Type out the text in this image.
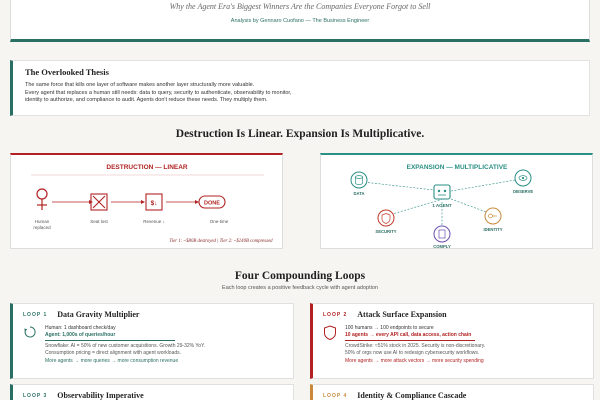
Why the Agent Era's Biggest Winners Are the Companies Everyone Forgot to Sell
Analysis by Gennaro Cuofano — The Business Engineer
The Overlooked Thesis

The same force that kills one layer of software makes another layer structurally more valuable.

Every agent that replaces a human still needs: data to query, security to authenticate, observability to monitor,

identity to authorize, and compliance to audit. Agents don't reduce these needs. They multiply them.

Destruction Is Linear. Expansion Is Multiplicative.
DESTRUCTION — LINEAR
$↓	DONE
Human
replaced
Seat lost	Revenue ↓	One-time
Tier 1: ~$80B destroyed | Tier 2: ~$140B compressed
EXPANSION — MULTIPLICATIVE
1 AGENT
DATA	OBSERVE
SECURITY	IDENTITY
COMPLY
Four Compounding Loops
Each loop creates a positive feedback cycle with agent adoption
LOOP 1 Data Gravity Multiplier
Human: 1 dashboard check/day
Agent: 1,000s of queries/hour
Snowflake: AI = 50% of new customer acquisitions. Growth 29-32% YoY.
Consumption pricing = direct alignment with agent workloads.
More agents → more queries → more consumption revenue
LOOP 2 Attack Surface Expansion
100 humans → 100 endpoints to secure
10 agents → every API call, data access, action chain
CrowdStrike: ≈51% stock in 2025. Security is non-discretionary.
50% of orgs now use AI to redesign cybersecurity workflows.
More agents → more attack vectors → more security spending
LOOP 3 Observability Imperative	LOOP 4 Identity & Compliance Cascade
